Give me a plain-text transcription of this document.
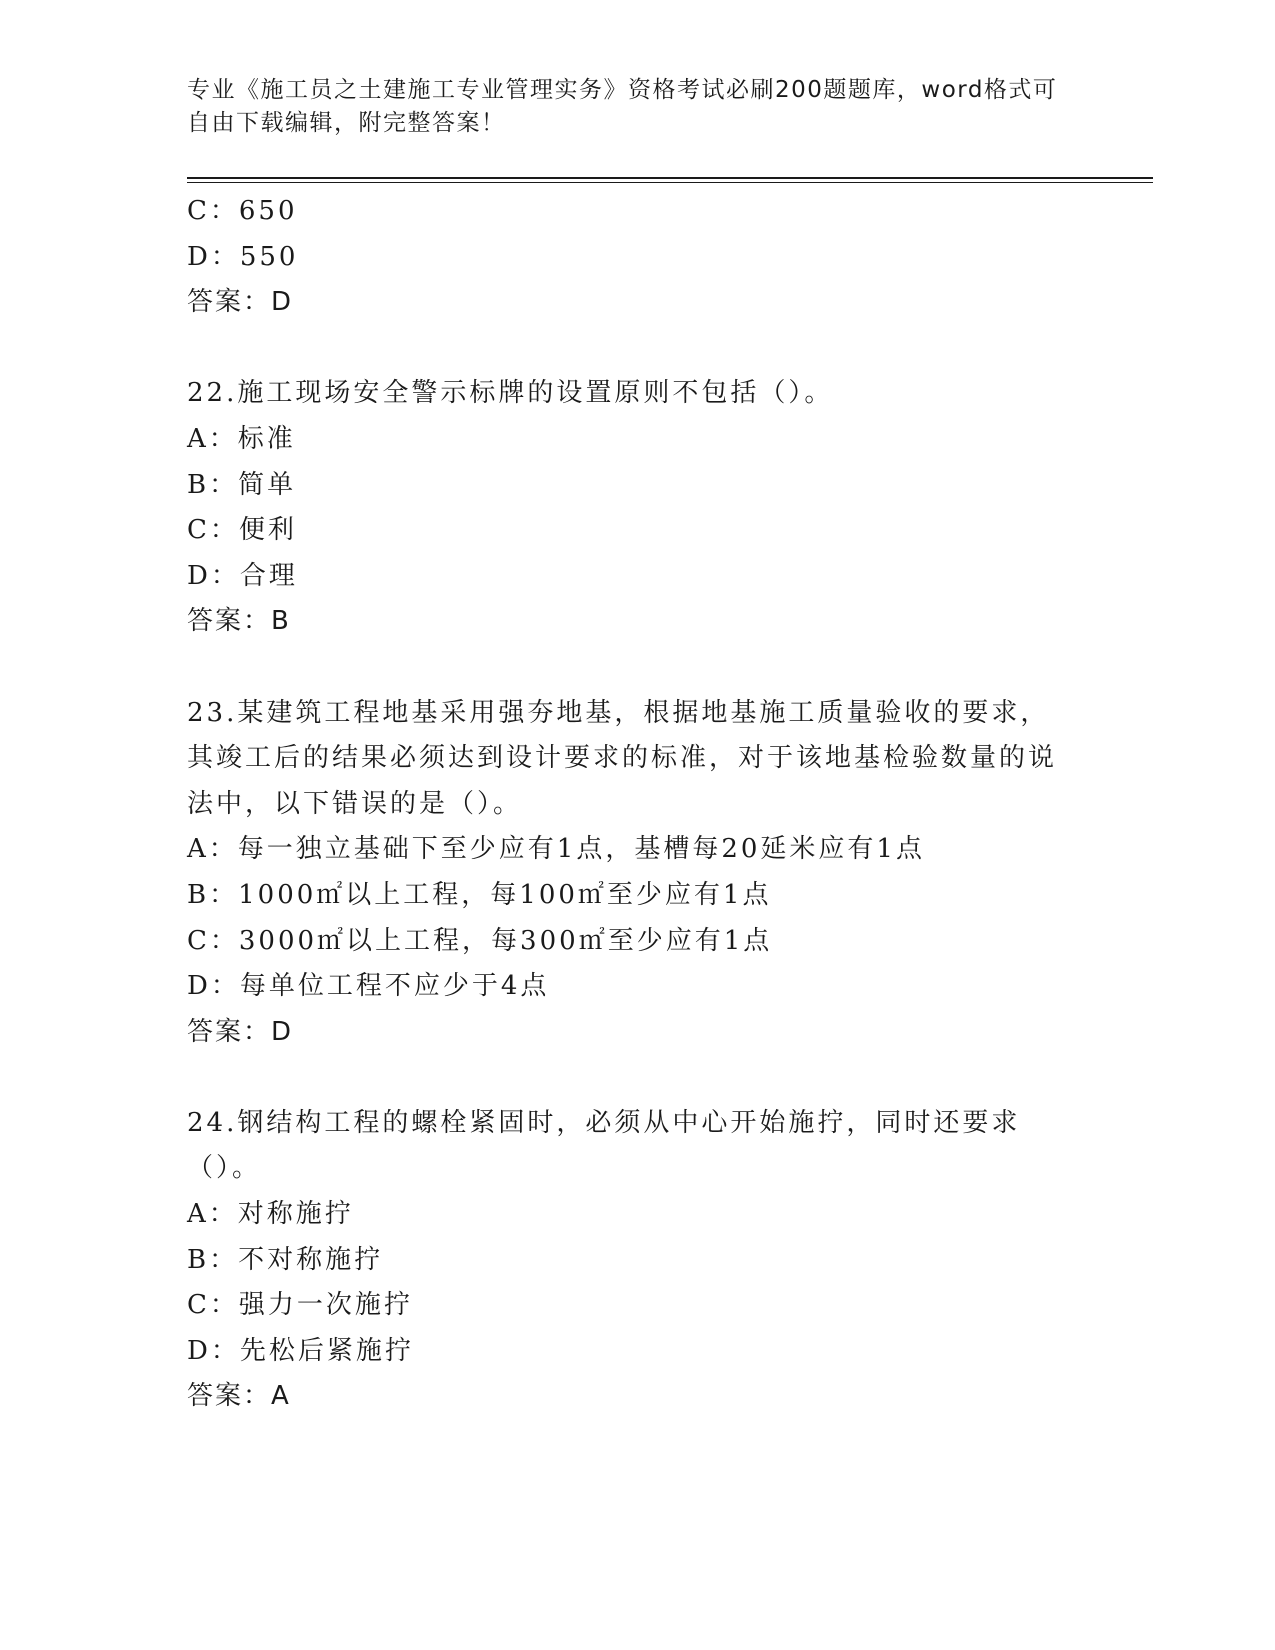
专业《施工员之土建施工专业管理实务》资格考试必刷200题题库，word格式可自由下载编辑，附完整答案！
C：650
D：550
答案：D
22.施工现场安全警示标牌的设置原则不包括（）。
A：标准
B：简单
C：便利
D：合理
答案：B
23.某建筑工程地基采用强夯地基，根据地基施工质量验收的要求，其竣工后的结果必须达到设计要求的标准，对于该地基检验数量的说法中，以下错误的是（）。
A：每一独立基础下至少应有1点，基槽每20延米应有1点
B：1000㎡以上工程，每100㎡至少应有1点
C：3000㎡以上工程，每300㎡至少应有1点
D：每单位工程不应少于4点
答案：D
24.钢结构工程的螺栓紧固时，必须从中心开始施拧，同时还要求（）。
A：对称施拧
B：不对称施拧
C：强力一次施拧
D：先松后紧施拧
答案：A
